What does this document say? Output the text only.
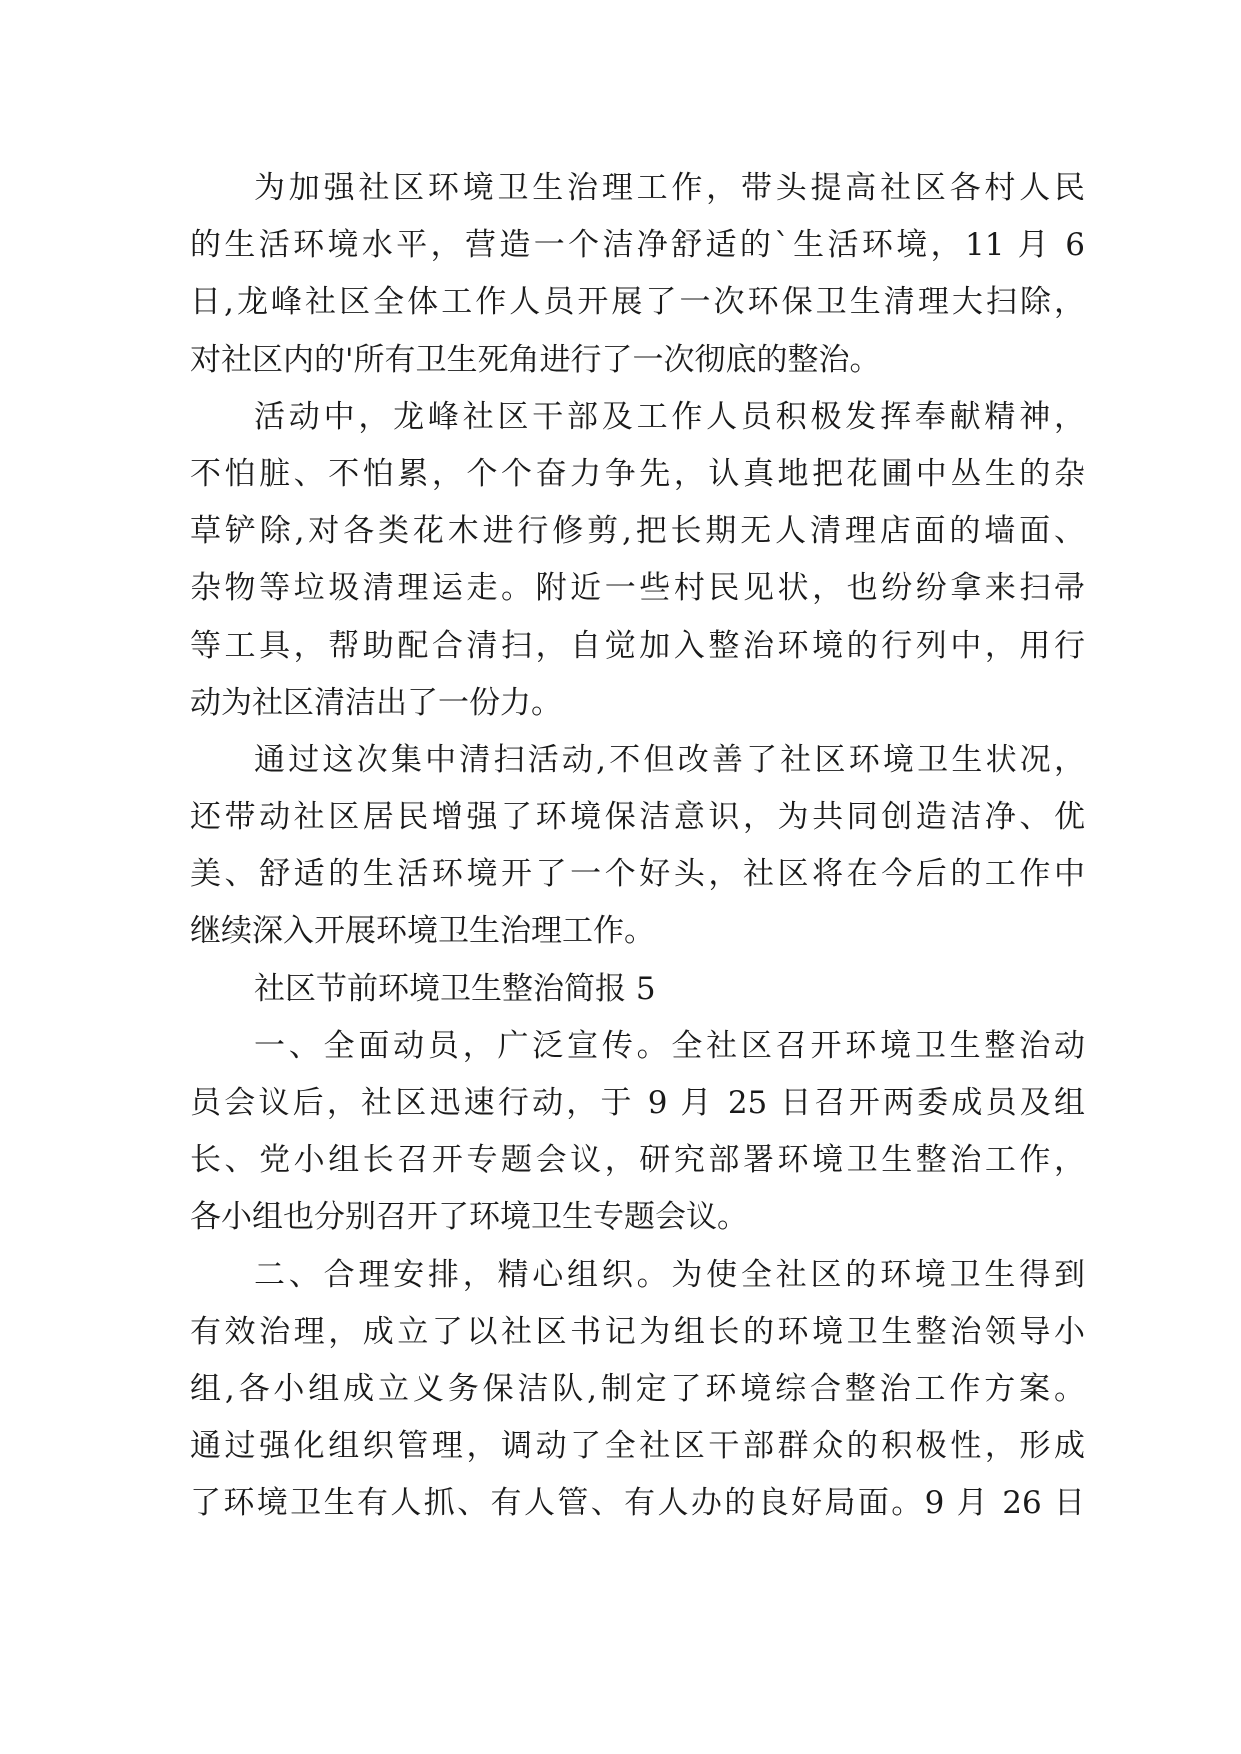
为加强社区环境卫生治理工作，带头提高社区各村人民
的生活环境水平，营造一个洁净舒适的`生活环境，11 月 6
日,龙峰社区全体工作人员开展了一次环保卫生清理大扫除，
对社区内的'所有卫生死角进行了一次彻底的整治。
活动中，龙峰社区干部及工作人员积极发挥奉献精神，
不怕脏、不怕累，个个奋力争先，认真地把花圃中丛生的杂
草铲除,对各类花木进行修剪,把长期无人清理店面的墙面、
杂物等垃圾清理运走。附近一些村民见状，也纷纷拿来扫帚
等工具，帮助配合清扫，自觉加入整治环境的行列中，用行
动为社区清洁出了一份力。
通过这次集中清扫活动,不但改善了社区环境卫生状况，
还带动社区居民增强了环境保洁意识，为共同创造洁净、优
美、舒适的生活环境开了一个好头，社区将在今后的工作中
继续深入开展环境卫生治理工作。
社区节前环境卫生整治简报 5
一、全面动员，广泛宣传。全社区召开环境卫生整治动
员会议后，社区迅速行动，于 9 月 25 日召开两委成员及组
长、党小组长召开专题会议，研究部署环境卫生整治工作，
各小组也分别召开了环境卫生专题会议。
二、合理安排，精心组织。为使全社区的环境卫生得到
有效治理，成立了以社区书记为组长的环境卫生整治领导小
组,各小组成立义务保洁队,制定了环境综合整治工作方案。
通过强化组织管理，调动了全社区干部群众的积极性，形成
了环境卫生有人抓、有人管、有人办的良好局面。9 月 26 日
